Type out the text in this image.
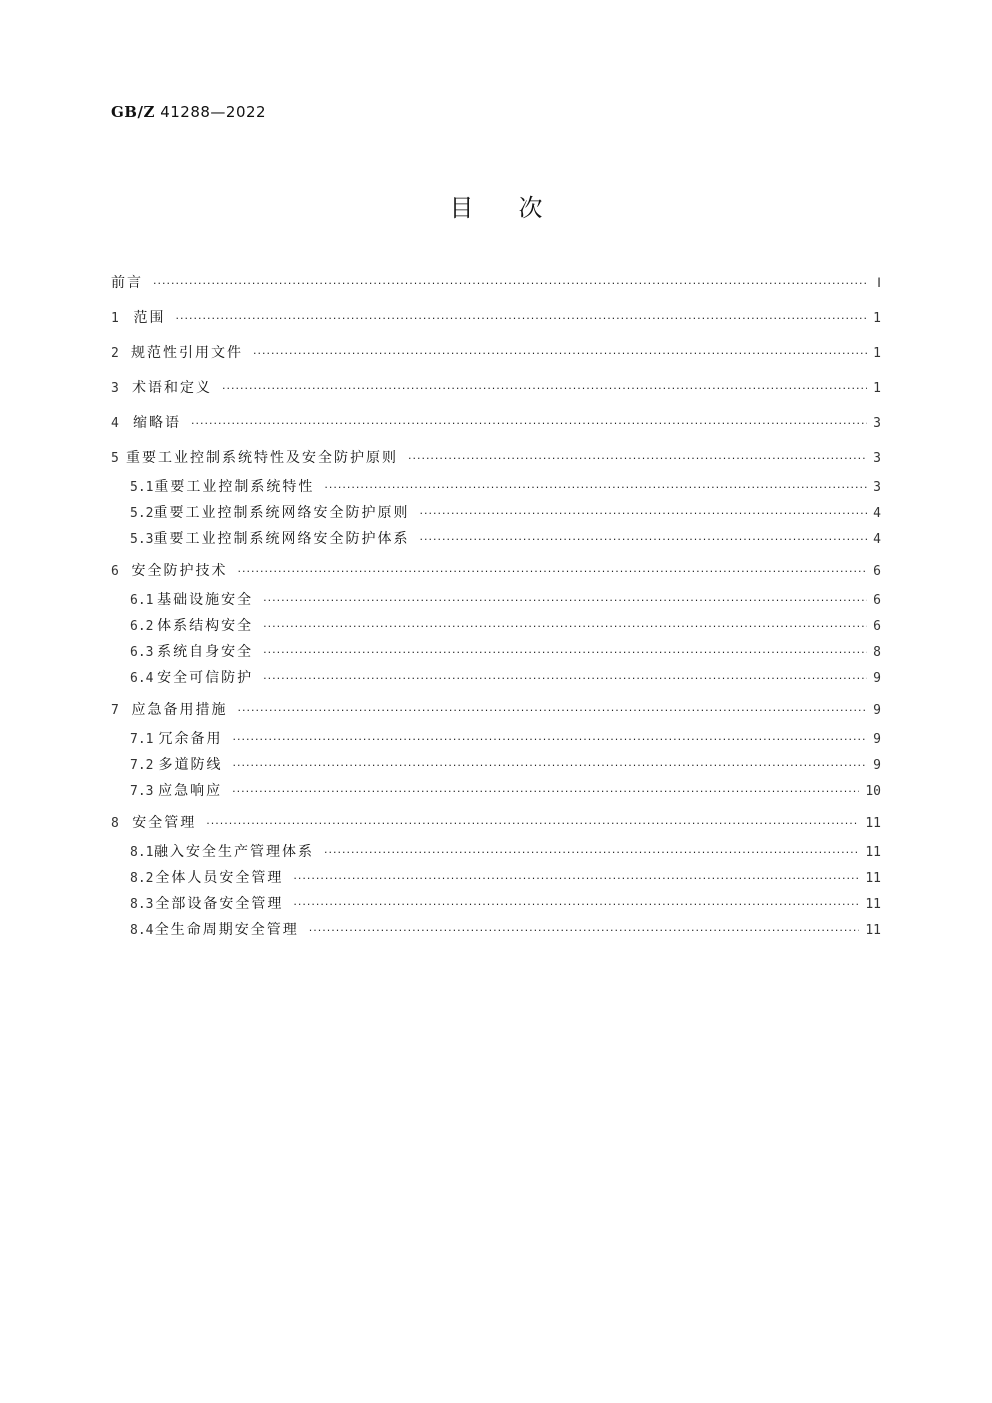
GB/Z 41288—2022
目次
前言 ·····	Ⅰ
1	范围 ·····	1
2 规范性引用文件 ·····	1
3 术语和定义 ·····	1
4	缩略语 ·····	3
5 重要工业控制系统特性及安全防护原则 ·····	3
5.1 重要工业控制系统特性 ·····	3
5.2 重要工业控制系统网络安全防护原则 ·····	4
5.3 重要工业控制系统网络安全防护体系 ·····	4
6 安全防护技术 ·····	6
6.1 基础设施安全 ·····	6
6.2 体系结构安全 ·····	6
6.3 系统自身安全 ·····	8
6.4 安全可信防护 ·····	9
7 应急备用措施 ·····	9
7.1 冗余备用 ·····	9
7.2 多道防线 ·····	9
7.3 应急响应 ·····	10
8 安全管理 ·····	11
8.1 融入安全生产管理体系 ·····	11
8.2 全体人员安全管理 ·····	11
8.3 全部设备安全管理 ·····	11
8.4 全生命周期安全管理 ·····	11
